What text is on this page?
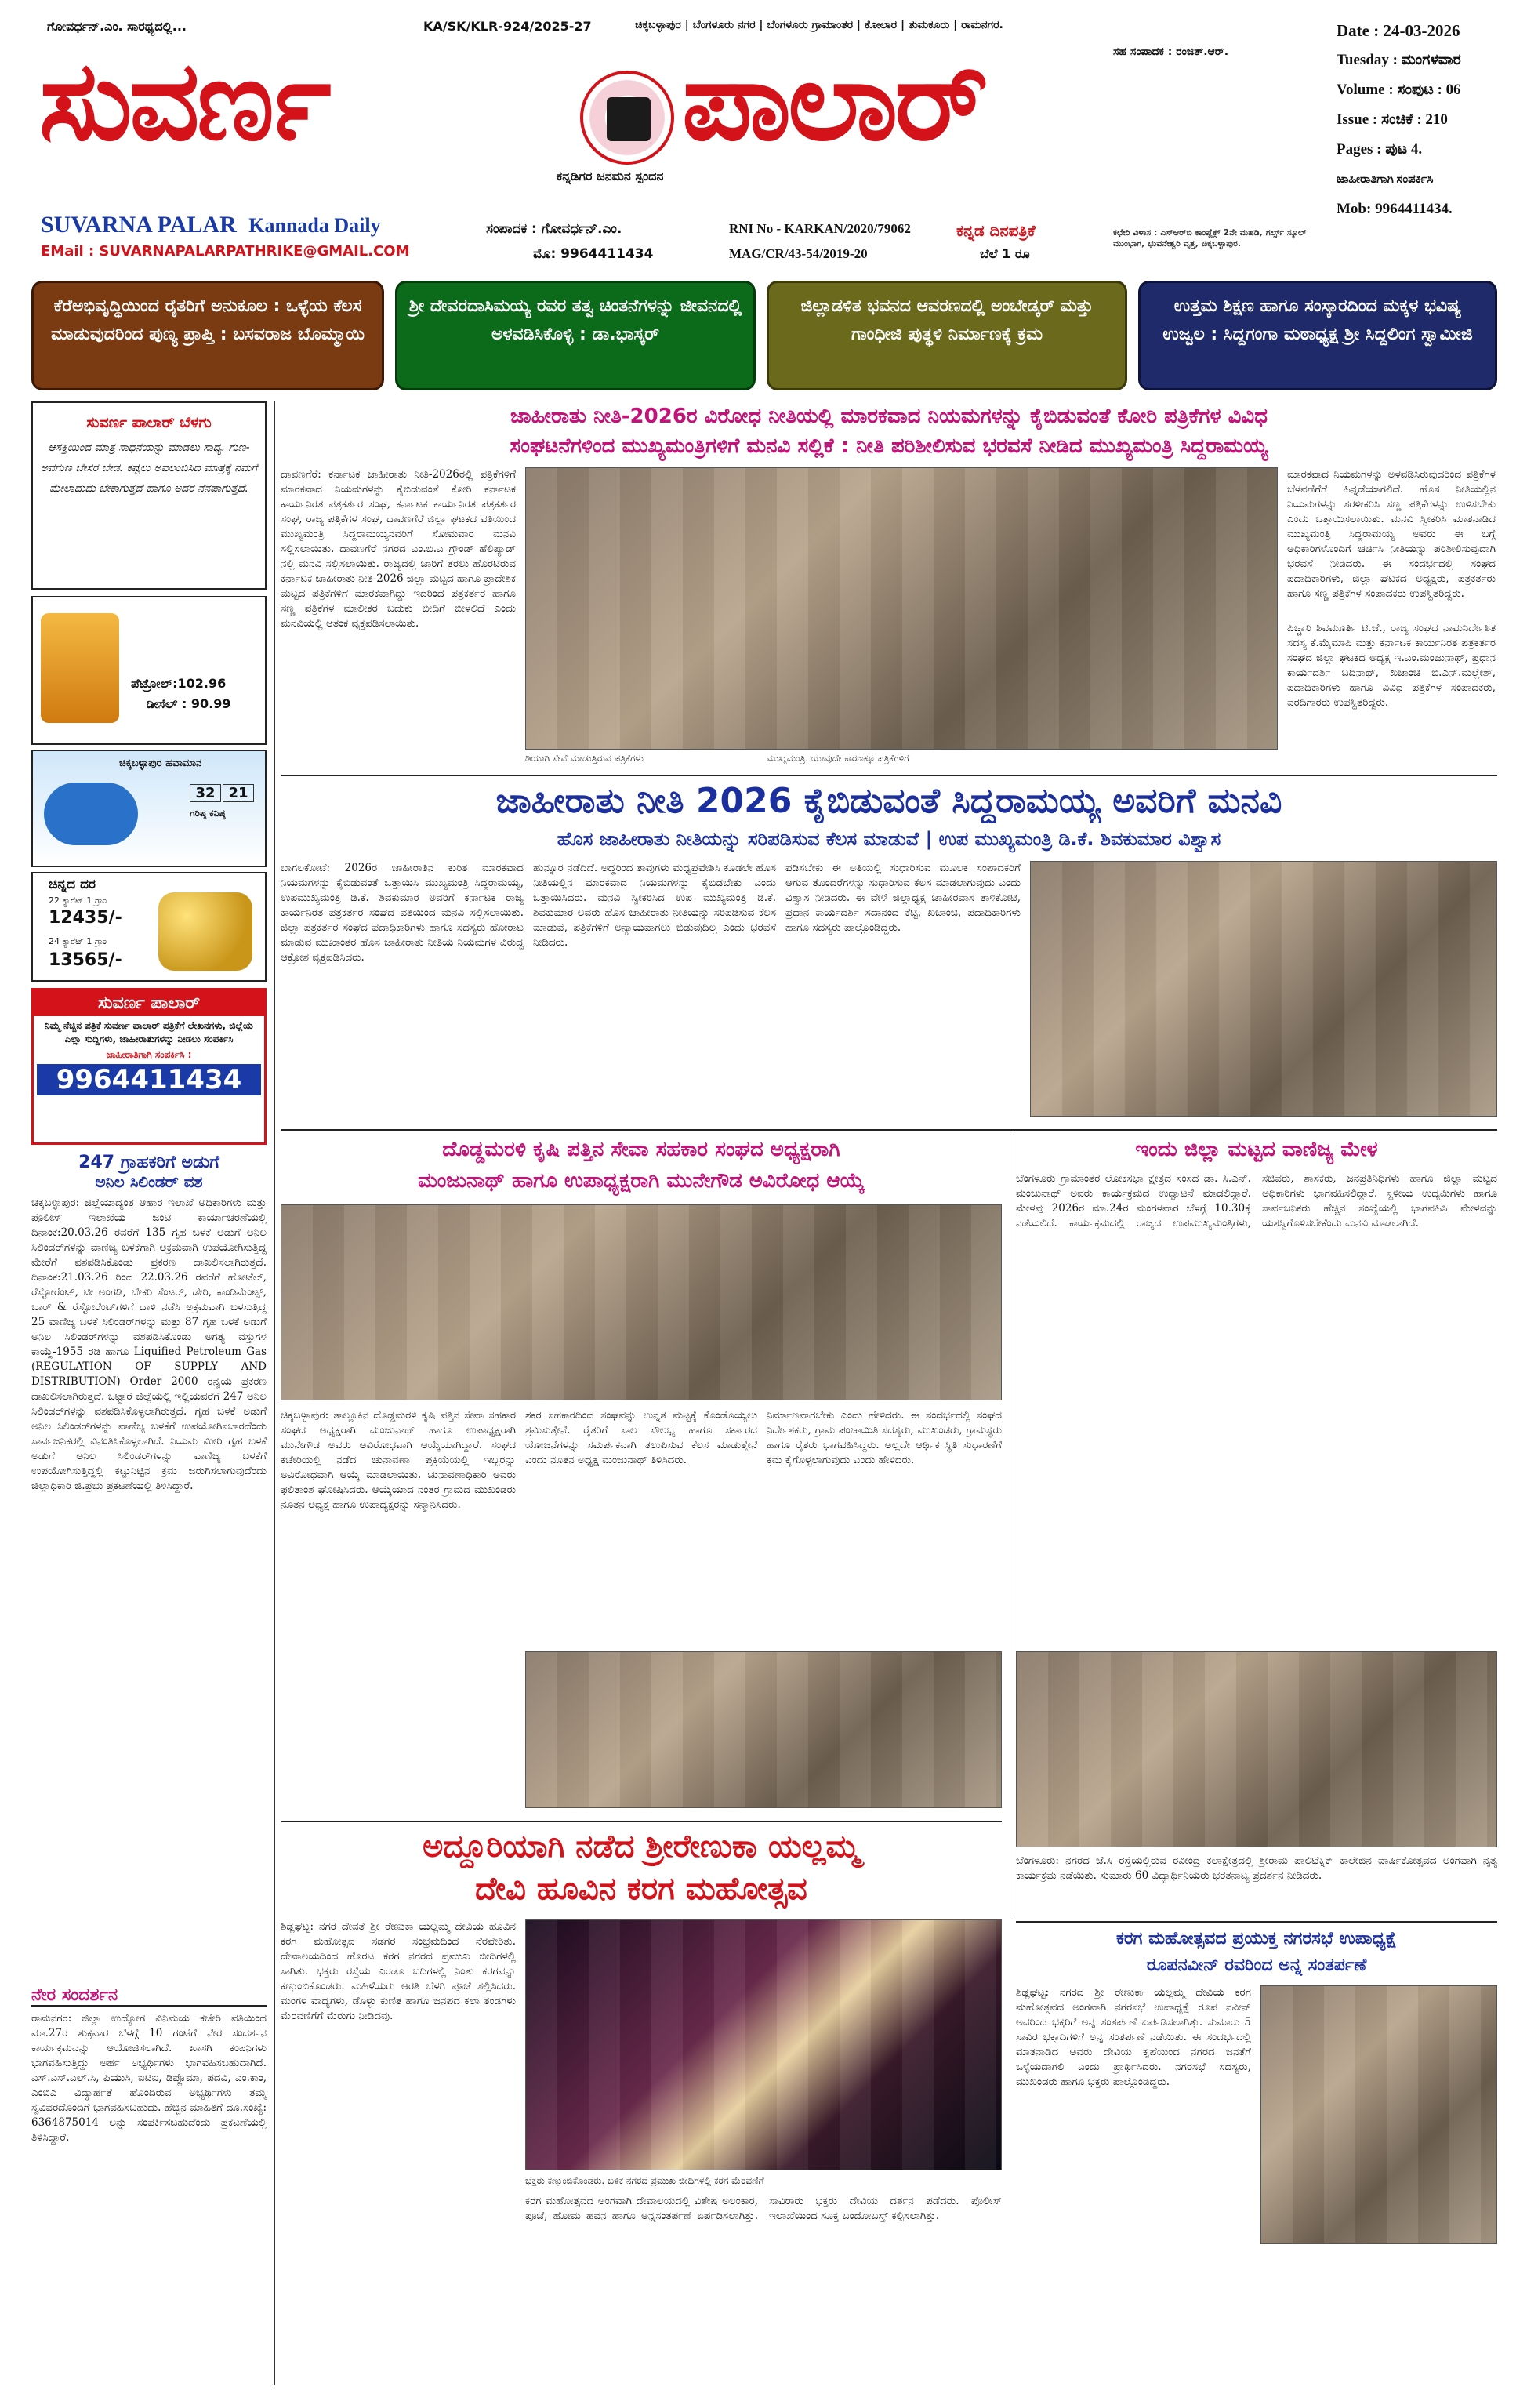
ಗೋವರ್ಧನ್.ಎಂ. ಸಾರಥ್ಯದಲ್ಲಿ...	KA/SK/KLR-924/2025-27	ಚಿಕ್ಕಬಳ್ಳಾಪುರ | ಬೆಂಗಳೂರು ನಗರ | ಬೆಂಗಳೂರು ಗ್ರಾಮಾಂತರ | ಕೋಲಾರ | ತುಮಕೂರು | ರಾಮನಗರ.
ಸಹ ಸಂಪಾದಕ : ರಂಜಿತ್.ಆರ್.
ಸುವರ್ಣ	ಪಾಲಾರ್
ಕನ್ನಡಿಗರ ಜನಮನ ಸ್ಪಂದನ
SUVARNA PALAR Kannada Daily
EMail : SUVARNAPALARPATHRIKE@GMAIL.COM
ಸಂಪಾದಕ : ಗೋವರ್ಧನ್.ಎಂ.
ಮೊ: 9964411434
RNI No - KARKAN/2020/79062
MAG/CR/43-54/2019-20
ಕನ್ನಡ ದಿನಪತ್ರಿಕೆ
ಬೆಲೆ 1 ರೂ
ಕಛೇರಿ ವಿಳಾಸ : ಎಸ್‌ಆರ್‌ಬಿ ಕಾಂಪ್ಲೆಕ್ಸ್ 2ನೇ ಮಹಡಿ, ಗರ್ಲ್ಸ್ ಸ್ಕೂಲ್ ಮುಂಭಾಗ, ಭುವನೇಶ್ವರಿ ವೃತ್ತ, ಚಿಕ್ಕಬಳ್ಳಾಪುರ.
Date : 24-03-2026
Tuesday : ಮಂಗಳವಾರ
Volume : ಸಂಪುಟ : 06
Issue : ಸಂಚಿಕೆ : 210
Pages : ಪುಟ 4.
ಜಾಹೀರಾತಿಗಾಗಿ ಸಂಪರ್ಕಿಸಿ
Mob: 9964411434.
ಕೆರೆಅಭಿವೃದ್ಧಿಯಿಂದ ರೈತರಿಗೆ ಅನುಕೂಲ : ಒಳ್ಳೆಯ ಕೆಲಸ ಮಾಡುವುದರಿಂದ ಪುಣ್ಯ ಪ್ರಾಪ್ತಿ : ಬಸವರಾಜ ಬೊಮ್ಮಾಯಿ
ಶ್ರೀ ದೇವರದಾಸಿಮಯ್ಯ ರವರ ತತ್ವ ಚಿಂತನೆಗಳನ್ನು ಜೀವನದಲ್ಲಿ ಅಳವಡಿಸಿಕೊಳ್ಳಿ : ಡಾ.ಭಾಸ್ಕರ್
ಜಿಲ್ಲಾಡಳಿತ ಭವನದ ಆವರಣದಲ್ಲಿ ಅಂಬೇಡ್ಕರ್ ಮತ್ತು ಗಾಂಧೀಜಿ ಪುತ್ಥಳಿ ನಿರ್ಮಾಣಕ್ಕೆ ಕ್ರಮ
ಉತ್ತಮ ಶಿಕ್ಷಣ ಹಾಗೂ ಸಂಸ್ಕಾರದಿಂದ ಮಕ್ಕಳ ಭವಿಷ್ಯ ಉಜ್ವಲ : ಸಿದ್ದಗಂಗಾ ಮಠಾಧ್ಯಕ್ಷ ಶ್ರೀ ಸಿದ್ದಲಿಂಗ ಸ್ವಾಮೀಜಿ
ಸುವರ್ಣ ಪಾಲಾರ್ ಬೆಳಗು
ಆಸಕ್ತಿಯಿಂದ ಮಾತ್ರ ಸಾಧನೆಯನ್ನು ಮಾಡಲು ಸಾಧ್ಯ. ಗುಣ-ಅವಗುಣ ಬೇಸರ ಬೇಡ. ಕಷ್ಟಲು ಅವಲಂಬಿಸಿದ ಮಾತ್ರಕ್ಕೆ ನಮಗೆ ಮೇಲಾದುದು ಬೇಕಾಗುತ್ತದೆ ಹಾಗೂ ಅದರ ನೆನಪಾಗುತ್ತದೆ.
ಪೆಟ್ರೋಲ್:102.96
ಡೀಸೆಲ್ : 90.99
ಚಿಕ್ಕಬಳ್ಳಾಪುರ ಹವಾಮಾನ
32 21
ಗರಿಷ್ಠ ಕನಿಷ್ಠ
ಚಿನ್ನದ ದರ
22 ಕ್ಯಾರೆಟ್ 1 ಗ್ರಾಂ
12435/-
24 ಕ್ಯಾರೆಟ್ 1 ಗ್ರಾಂ
13565/-
ಸುವರ್ಣ ಪಾಲಾರ್
ನಿಮ್ಮ ನೆಚ್ಚಿನ ಪತ್ರಿಕೆ ಸುವರ್ಣ ಪಾಲಾರ್ ಪತ್ರಿಕೆಗೆ ಲೇಖನಗಳು, ಜಿಲ್ಲೆಯ ಎಲ್ಲಾ ಸುದ್ದಿಗಳು, ಜಾಹೀರಾತುಗಳನ್ನು ನೀಡಲು ಸಂಪರ್ಕಿಸಿ
ಜಾಹೀರಾತಿಗಾಗಿ ಸಂಪರ್ಕಿಸಿ :
9964411434
247 ಗ್ರಾಹಕರಿಗೆ ಅಡುಗೆ
ಅನಿಲ ಸಿಲಿಂಡರ್ ವಶ
ಚಿಕ್ಕಬಳ್ಳಾಪುರ: ಜಿಲ್ಲೆಯಾದ್ಯಂತ ಆಹಾರ ಇಲಾಖೆ ಅಧಿಕಾರಿಗಳು ಮತ್ತು ಪೊಲೀಸ್ ಇಲಾಖೆಯ ಜಂಟಿ ಕಾರ್ಯಾಚರಣೆಯಲ್ಲಿ ದಿನಾಂಕ:20.03.26 ರವರೆಗೆ 135 ಗೃಹ ಬಳಕೆ ಅಡುಗೆ ಅನಿಲ ಸಿಲಿಂಡರ್‌ಗಳನ್ನು ವಾಣಿಜ್ಯ ಬಳಕೆಗಾಗಿ ಅಕ್ರಮವಾಗಿ ಉಪಯೋಗಿಸುತ್ತಿದ್ದ ಮೇರೆಗೆ ವಶಪಡಿಸಿಕೊಂಡು ಪ್ರಕರಣ ದಾಖಲಿಸಲಾಗಿರುತ್ತದೆ. ದಿನಾಂಕ:21.03.26 ರಿಂದ 22.03.26 ರವರೆಗೆ ಹೋಟೆಲ್, ರೆಸ್ಟೋರೆಂಟ್, ಟೀ ಅಂಗಡಿ, ಬೇಕರಿ ಸೆಂಟರ್, ಡೇರಿ, ಕಾಂಡಿಮೆಂಟ್ಸ್, ಬಾರ್ & ರೆಸ್ಟೋರೆಂಟ್‌ಗಳಿಗೆ ದಾಳಿ ನಡೆಸಿ ಅಕ್ರಮವಾಗಿ ಬಳಸುತ್ತಿದ್ದ 25 ವಾಣಿಜ್ಯ ಬಳಕೆ ಸಿಲಿಂಡರ್‌ಗಳನ್ನು ಮತ್ತು 87 ಗೃಹ ಬಳಕೆ ಅಡುಗೆ ಅನಿಲ ಸಿಲಿಂಡರ್‌ಗಳನ್ನು ವಶಪಡಿಸಿಕೊಂಡು ಅಗತ್ಯ ವಸ್ತುಗಳ ಕಾಯ್ದೆ-1955 ರಡಿ ಹಾಗೂ Liquified Petroleum Gas (REGULATION OF SUPPLY AND DISTRIBUTION) Order 2000 ರನ್ವಯ ಪ್ರಕರಣ ದಾಖಲಿಸಲಾಗಿರುತ್ತದೆ. ಒಟ್ಟಾರೆ ಜಿಲ್ಲೆಯಲ್ಲಿ ಇಲ್ಲಿಯವರೆಗೆ 247 ಅನಿಲ ಸಿಲಿಂಡರ್‌ಗಳನ್ನು ವಶಪಡಿಸಿಕೊಳ್ಳಲಾಗಿರುತ್ತದೆ. ಗೃಹ ಬಳಕೆ ಅಡುಗೆ ಅನಿಲ ಸಿಲಿಂಡರ್‌ಗಳನ್ನು ವಾಣಿಜ್ಯ ಬಳಕೆಗೆ ಉಪಯೋಗಿಸಬಾರದೆಂದು ಸಾರ್ವಜನಿಕರಲ್ಲಿ ವಿನಂತಿಸಿಕೊಳ್ಳಲಾಗಿದೆ. ನಿಯಮ ಮೀರಿ ಗೃಹ ಬಳಕೆ ಅಡುಗೆ ಅನಿಲ ಸಿಲಿಂಡರ್‌ಗಳನ್ನು ವಾಣಿಜ್ಯ ಬಳಕೆಗೆ ಉಪಯೋಗಿಸುತ್ತಿದ್ದಲ್ಲಿ ಕಟ್ಟುನಿಟ್ಟಿನ ಕ್ರಮ ಜರುಗಿಸಲಾಗುವುದೆಂದು ಜಿಲ್ಲಾಧಿಕಾರಿ ಜಿ.ಪ್ರಭು ಪ್ರಕಟಣೆಯಲ್ಲಿ ತಿಳಿಸಿದ್ದಾರೆ.
ನೇರ ಸಂದರ್ಶನ
ರಾಮನಗರ: ಜಿಲ್ಲಾ ಉದ್ಯೋಗ ವಿನಿಮಯ ಕಚೇರಿ ವತಿಯಿಂದ ಮಾ.27ರ ಶುಕ್ರವಾರ ಬೆಳಗ್ಗೆ 10 ಗಂಟೆಗೆ ನೇರ ಸಂದರ್ಶನ ಕಾರ್ಯಕ್ರಮವನ್ನು ಆಯೋಜಿಸಲಾಗಿದೆ. ಖಾಸಗಿ ಕಂಪನಿಗಳು ಭಾಗವಹಿಸುತ್ತಿದ್ದು ಅರ್ಹ ಅಭ್ಯರ್ಥಿಗಳು ಭಾಗವಹಿಸಬಹುದಾಗಿದೆ. ಎಸ್.ಎಸ್.ಎಲ್.ಸಿ, ಪಿಯುಸಿ, ಐಟಿಐ, ಡಿಪ್ಲೊಮಾ, ಪದವಿ, ಎಂ.ಕಾಂ, ಎಂಬಿಎ ವಿದ್ಯಾರ್ಹತೆ ಹೊಂದಿರುವ ಅಭ್ಯರ್ಥಿಗಳು ತಮ್ಮ ಸ್ವವಿವರದೊಂದಿಗೆ ಭಾಗವಹಿಸಬಹುದು. ಹೆಚ್ಚಿನ ಮಾಹಿತಿಗೆ ದೂ.ಸಂಖ್ಯೆ: 6364875014 ಅನ್ನು ಸಂಪರ್ಕಿಸಬಹುದೆಂದು ಪ್ರಕಟಣೆಯಲ್ಲಿ ತಿಳಿಸಿದ್ದಾರೆ.
ಜಾಹೀರಾತು ನೀತಿ-2026ರ ವಿರೋಧ ನೀತಿಯಲ್ಲಿ ಮಾರಕವಾದ ನಿಯಮಗಳನ್ನು ಕೈಬಿಡುವಂತೆ ಕೋರಿ ಪತ್ರಿಕೆಗಳ ವಿವಿಧ
ಸಂಘಟನೆಗಳಿಂದ ಮುಖ್ಯಮಂತ್ರಿಗಳಿಗೆ ಮನವಿ ಸಲ್ಲಿಕೆ : ನೀತಿ ಪರಿಶೀಲಿಸುವ ಭರವಸೆ ನೀಡಿದ ಮುಖ್ಯಮಂತ್ರಿ ಸಿದ್ದರಾಮಯ್ಯ
ದಾವಣಗೆರೆ: ಕರ್ನಾಟಕ ಜಾಹೀರಾತು ನೀತಿ-2026ರಲ್ಲಿ ಪತ್ರಿಕೆಗಳಿಗೆ ಮಾರಕವಾದ ನಿಯಮಗಳನ್ನು ಕೈಬಿಡುವಂತೆ ಕೋರಿ ಕರ್ನಾಟಕ ಕಾರ್ಯನಿರತ ಪತ್ರಕರ್ತರ ಸಂಘ, ಕರ್ನಾಟಕ ಕಾರ್ಯನಿರತ ಪತ್ರಕರ್ತರ ಸಂಘ, ರಾಜ್ಯ ಪತ್ರಿಕೆಗಳ ಸಂಘ, ದಾವಣಗೆರೆ ಜಿಲ್ಲಾ ಘಟಕದ ವತಿಯಿಂದ ಮುಖ್ಯಮಂತ್ರಿ ಸಿದ್ದರಾಮಯ್ಯನವರಿಗೆ ಸೋಮವಾರ ಮನವಿ ಸಲ್ಲಿಸಲಾಯಿತು. ದಾವಣಗೆರೆ ನಗರದ ಎಂ.ಬಿ.ಎ ಗ್ರೌಂಡ್ ಹೆಲಿಪ್ಯಾಡ್ ನಲ್ಲಿ ಮನವಿ ಸಲ್ಲಿಸಲಾಯಿತು. ರಾಜ್ಯದಲ್ಲಿ ಜಾರಿಗೆ ತರಲು ಹೊರಟಿರುವ ಕರ್ನಾಟಕ ಜಾಹೀರಾತು ನೀತಿ-2026 ಜಿಲ್ಲಾ ಮಟ್ಟದ ಹಾಗೂ ಪ್ರಾದೇಶಿಕ ಮಟ್ಟದ ಪತ್ರಿಕೆಗಳಿಗೆ ಮಾರಕವಾಗಿದ್ದು ಇದರಿಂದ ಪತ್ರಕರ್ತರ ಹಾಗೂ ಸಣ್ಣ ಪತ್ರಿಕೆಗಳ ಮಾಲೀಕರ ಬದುಕು ಬೀದಿಗೆ ಬೀಳಲಿದೆ ಎಂದು ಮನವಿಯಲ್ಲಿ ಆತಂಕ ವ್ಯಕ್ತಪಡಿಸಲಾಯಿತು.
ಡಿಯಾಗಿ ಸೇವೆ ಮಾಡುತ್ತಿರುವ ಪತ್ರಿಕೆಗಳು	ಮುಖ್ಯಮಂತ್ರಿ. ಯಾವುದೇ ಕಾರಣಕ್ಕೂ ಪತ್ರಿಕೆಗಳಿಗೆ
ಮಾರಕವಾದ ನಿಯಮಗಳನ್ನು ಅಳವಡಿಸಿರುವುದರಿಂದ ಪತ್ರಿಕೆಗಳ ಬೆಳವಣಿಗೆಗೆ ಹಿನ್ನಡೆಯಾಗಲಿದೆ. ಹೊಸ ನೀತಿಯಲ್ಲಿನ ನಿಯಮಗಳನ್ನು ಸರಳೀಕರಿಸಿ ಸಣ್ಣ ಪತ್ರಿಕೆಗಳನ್ನು ಉಳಿಸಬೇಕು ಎಂದು ಒತ್ತಾಯಿಸಲಾಯಿತು. ಮನವಿ ಸ್ವೀಕರಿಸಿ ಮಾತನಾಡಿದ ಮುಖ್ಯಮಂತ್ರಿ ಸಿದ್ದರಾಮಯ್ಯ ಅವರು ಈ ಬಗ್ಗೆ ಅಧಿಕಾರಿಗಳೊಂದಿಗೆ ಚರ್ಚಿಸಿ ನೀತಿಯನ್ನು ಪರಿಶೀಲಿಸುವುದಾಗಿ ಭರವಸೆ ನೀಡಿದರು. ಈ ಸಂದರ್ಭದಲ್ಲಿ ಸಂಘದ ಪದಾಧಿಕಾರಿಗಳು, ಜಿಲ್ಲಾ ಘಟಕದ ಅಧ್ಯಕ್ಷರು, ಪತ್ರಕರ್ತರು ಹಾಗೂ ಸಣ್ಣ ಪತ್ರಿಕೆಗಳ ಸಂಪಾದಕರು ಉಪಸ್ಥಿತರಿದ್ದರು.
ಪಿಚ್ಚಾರಿ ಶಿವಮೂರ್ತಿ ಟಿ.ಜೆ., ರಾಜ್ಯ ಸಂಘದ ನಾಮನಿರ್ದೇಶಿತ ಸದಸ್ಯ ಕೆ.ಮೈಮಾಪಿ ಮತ್ತು ಕರ್ನಾಟಕ ಕಾರ್ಯನಿರತ ಪತ್ರಕರ್ತರ ಸಂಘದ ಜಿಲ್ಲಾ ಘಟಕದ ಅಧ್ಯಕ್ಷ ಇ.ಎಂ.ಮಂಜುನಾಥ್, ಪ್ರಧಾನ ಕಾರ್ಯದರ್ಶಿ ಬದಿನಾಥ್, ಖಜಾಂಚಿ ಬಿ.ಎನ್.ಮಲ್ಲೇಶ್, ಪದಾಧಿಕಾರಿಗಳು ಹಾಗೂ ವಿವಿಧ ಪತ್ರಿಕೆಗಳ ಸಂಪಾದಕರು, ವರದಿಗಾರರು ಉಪಸ್ಥಿತರಿದ್ದರು.
ಜಾಹೀರಾತು ನೀತಿ 2026 ಕೈಬಿಡುವಂತೆ ಸಿದ್ದರಾಮಯ್ಯ ಅವರಿಗೆ ಮನವಿ
ಹೊಸ ಜಾಹೀರಾತು ನೀತಿಯನ್ನು ಸರಿಪಡಿಸುವ ಕೆಲಸ ಮಾಡುವೆ | ಉಪ ಮುಖ್ಯಮಂತ್ರಿ ಡಿ.ಕೆ. ಶಿವಕುಮಾರ ವಿಶ್ವಾಸ
ಬಾಗಲಕೋಟೆ: 2026ರ ಜಾಹೀರಾತಿನ ಕುರಿತ ಮಾರಕವಾದ ನಿಯಮಗಳನ್ನು ಕೈಬಿಡುವಂತೆ ಒತ್ತಾಯಿಸಿ ಮುಖ್ಯಮಂತ್ರಿ ಸಿದ್ದರಾಮಯ್ಯ, ಉಪಮುಖ್ಯಮಂತ್ರಿ ಡಿ.ಕೆ. ಶಿವಕುಮಾರ ಅವರಿಗೆ ಕರ್ನಾಟಕ ರಾಜ್ಯ ಕಾರ್ಯನಿರತ ಪತ್ರಕರ್ತರ ಸಂಘದ ವತಿಯಿಂದ ಮನವಿ ಸಲ್ಲಿಸಲಾಯಿತು. ಜಿಲ್ಲಾ ಪತ್ರಕರ್ತರ ಸಂಘದ ಪದಾಧಿಕಾರಿಗಳು ಹಾಗೂ ಸದಸ್ಯರು ಹೋರಾಟ ಮಾಡುವ ಮುಖಾಂತರ ಹೊಸ ಜಾಹೀರಾತು ನೀತಿಯ ನಿಯಮಗಳ ವಿರುದ್ಧ ಆಕ್ರೋಶ ವ್ಯಕ್ತಪಡಿಸಿದರು.
ಹುನ್ನೂರ ನಡೆದಿದೆ. ಅದ್ದರಿಂದ ತಾವುಗಳು ಮಧ್ಯಪ್ರವೇಶಿಸಿ ಕೂಡಲೇ ಹೊಸ ನೀತಿಯಲ್ಲಿನ ಮಾರಕವಾದ ನಿಯಮಗಳನ್ನು ಕೈಬಿಡಬೇಕು ಎಂದು ಒತ್ತಾಯಿಸಿದರು. ಮನವಿ ಸ್ವೀಕರಿಸಿದ ಉಪ ಮುಖ್ಯಮಂತ್ರಿ ಡಿ.ಕೆ. ಶಿವಕುಮಾರ ಅವರು ಹೊಸ ಜಾಹೀರಾತು ನೀತಿಯನ್ನು ಸರಿಪಡಿಸುವ ಕೆಲಸ ಮಾಡುವೆ, ಪತ್ರಿಕೆಗಳಿಗೆ ಅನ್ಯಾಯವಾಗಲು ಬಿಡುವುದಿಲ್ಲ ಎಂದು ಭರವಸೆ ನೀಡಿದರು.
ಪಡಿಸಬೇಕು ಈ ಅತಿಯಲ್ಲಿ ಸುಧಾರಿಸುವ ಮೂಲಕ ಸಂಪಾದಕರಿಗೆ ಆಗುವ ತೊಂದರೆಗಳನ್ನು ಸುಧಾರಿಸುವ ಕೆಲಸ ಮಾಡಲಾಗುವುದು ಎಂದು ವಿಶ್ವಾಸ ನೀಡಿದರು. ಈ ವೇಳೆ ಜಿಲ್ಲಾಧ್ಯಕ್ಷ ಜಾಹೀರವಾಸ ತಾಳಿಕೋಟಿ, ಪ್ರಧಾನ ಕಾರ್ಯದರ್ಶಿ ಸದಾನಂದ ಕೆಟ್ಟಿ, ಖಜಾಂಚಿ, ಪದಾಧಿಕಾರಿಗಳು ಹಾಗೂ ಸದಸ್ಯರು ಪಾಲ್ಗೊಂಡಿದ್ದರು.
ದೊಡ್ಡಮರಳಿ ಕೃಷಿ ಪತ್ತಿನ ಸೇವಾ ಸಹಕಾರ ಸಂಘದ ಅಧ್ಯಕ್ಷರಾಗಿ
ಮಂಜುನಾಥ್ ಹಾಗೂ ಉಪಾಧ್ಯಕ್ಷರಾಗಿ ಮುನೇಗೌಡ ಅವಿರೋಧ ಆಯ್ಕೆ
ಚಿಕ್ಕಬಳ್ಳಾಪುರ: ತಾಲ್ಲೂಕಿನ ದೊಡ್ಡಮರಳಿ ಕೃಷಿ ಪತ್ತಿನ ಸೇವಾ ಸಹಕಾರ ಸಂಘದ ಅಧ್ಯಕ್ಷರಾಗಿ ಮಂಜುನಾಥ್ ಹಾಗೂ ಉಪಾಧ್ಯಕ್ಷರಾಗಿ ಮುನೇಗೌಡ ಅವರು ಅವಿರೋಧವಾಗಿ ಆಯ್ಕೆಯಾಗಿದ್ದಾರೆ. ಸಂಘದ ಕಚೇರಿಯಲ್ಲಿ ನಡೆದ ಚುನಾವಣಾ ಪ್ರಕ್ರಿಯೆಯಲ್ಲಿ ಇಬ್ಬರನ್ನು ಅವಿರೋಧವಾಗಿ ಆಯ್ಕೆ ಮಾಡಲಾಯಿತು. ಚುನಾವಣಾಧಿಕಾರಿ ಅವರು ಫಲಿತಾಂಶ ಘೋಷಿಸಿದರು. ಆಯ್ಕೆಯಾದ ನಂತರ ಗ್ರಾಮದ ಮುಖಂಡರು ನೂತನ ಅಧ್ಯಕ್ಷ ಹಾಗೂ ಉಪಾಧ್ಯಕ್ಷರನ್ನು ಸನ್ಮಾನಿಸಿದರು.
ಶಕರ ಸಹಕಾರದಿಂದ ಸಂಘವನ್ನು ಉನ್ನತ ಮಟ್ಟಕ್ಕೆ ಕೊಂಡೊಯ್ಯಲು ಶ್ರಮಿಸುತ್ತೇನೆ. ರೈತರಿಗೆ ಸಾಲ ಸೌಲಭ್ಯ ಹಾಗೂ ಸರ್ಕಾರದ ಯೋಜನೆಗಳನ್ನು ಸಮರ್ಪಕವಾಗಿ ತಲುಪಿಸುವ ಕೆಲಸ ಮಾಡುತ್ತೇನೆ ಎಂದು ನೂತನ ಅಧ್ಯಕ್ಷ ಮಂಜುನಾಥ್ ತಿಳಿಸಿದರು.
ನಿರ್ಮಾಣವಾಗಬೇಕು ಎಂದು ಹೇಳಿದರು. ಈ ಸಂದರ್ಭದಲ್ಲಿ ಸಂಘದ ನಿರ್ದೇಶಕರು, ಗ್ರಾಮ ಪಂಚಾಯಿತಿ ಸದಸ್ಯರು, ಮುಖಂಡರು, ಗ್ರಾಮಸ್ಥರು ಹಾಗೂ ರೈತರು ಭಾಗವಹಿಸಿದ್ದರು. ಅಲ್ಲದೇ ಆರ್ಥಿಕ ಸ್ಥಿತಿ ಸುಧಾರಣೆಗೆ ಕ್ರಮ ಕೈಗೊಳ್ಳಲಾಗುವುದು ಎಂದು ಹೇಳಿದರು.
ಇಂದು ಜಿಲ್ಲಾ ಮಟ್ಟದ ವಾಣಿಜ್ಯ ಮೇಳ
ಬೆಂಗಳೂರು ಗ್ರಾಮಾಂತರ ಲೋಕಸಭಾ ಕ್ಷೇತ್ರದ ಸಂಸದ ಡಾ. ಸಿ.ಎನ್. ಮಂಜುನಾಥ್ ಅವರು ಕಾರ್ಯಕ್ರಮದ ಉದ್ಘಾಟನೆ ಮಾಡಲಿದ್ದಾರೆ. ಮೇಳವು 2026ರ ಮಾ.24ರ ಮಂಗಳವಾರ ಬೆಳಗ್ಗೆ 10.30ಕ್ಕೆ ನಡೆಯಲಿದೆ. ಕಾರ್ಯಕ್ರಮದಲ್ಲಿ ರಾಜ್ಯದ ಉಪಮುಖ್ಯಮಂತ್ರಿಗಳು, ಸಚಿವರು, ಶಾಸಕರು, ಜನಪ್ರತಿನಿಧಿಗಳು ಹಾಗೂ ಜಿಲ್ಲಾ ಮಟ್ಟದ ಅಧಿಕಾರಿಗಳು ಭಾಗವಹಿಸಲಿದ್ದಾರೆ. ಸ್ಥಳೀಯ ಉದ್ಯಮಿಗಳು ಹಾಗೂ ಸಾರ್ವಜನಿಕರು ಹೆಚ್ಚಿನ ಸಂಖ್ಯೆಯಲ್ಲಿ ಭಾಗವಹಿಸಿ ಮೇಳವನ್ನು ಯಶಸ್ವಿಗೊಳಿಸಬೇಕೆಂದು ಮನವಿ ಮಾಡಲಾಗಿದೆ.
ಬೆಂಗಳೂರು: ನಗರದ ಜೆ.ಸಿ ರಸ್ತೆಯಲ್ಲಿರುವ ರವೀಂದ್ರ ಕಲಾಕ್ಷೇತ್ರದಲ್ಲಿ ಶ್ರೀರಾಮ ಪಾಲಿಟೆಕ್ನಿಕ್ ಕಾಲೇಜಿನ ವಾರ್ಷಿಕೋತ್ಸವದ ಅಂಗವಾಗಿ ನೃತ್ಯ ಕಾರ್ಯಕ್ರಮ ನಡೆಯಿತು. ಸುಮಾರು 60 ವಿದ್ಯಾರ್ಥಿನಿಯರು ಭರತನಾಟ್ಯ ಪ್ರದರ್ಶನ ನೀಡಿದರು.
ಅದ್ದೂರಿಯಾಗಿ ನಡೆದ ಶ್ರೀರೇಣುಕಾ ಯಲ್ಲಮ್ಮ
ದೇವಿ ಹೂವಿನ ಕರಗ ಮಹೋತ್ಸವ
ಶಿಡ್ಲಘಟ್ಟ: ನಗರ ದೇವತೆ ಶ್ರೀ ರೇಣುಕಾ ಯಲ್ಲಮ್ಮ ದೇವಿಯ ಹೂವಿನ ಕರಗ ಮಹೋತ್ಸವ ಸಡಗರ ಸಂಭ್ರಮದಿಂದ ನೆರವೇರಿತು. ದೇವಾಲಯದಿಂದ ಹೊರಟ ಕರಗ ನಗರದ ಪ್ರಮುಖ ಬೀದಿಗಳಲ್ಲಿ ಸಾಗಿತು. ಭಕ್ತರು ರಸ್ತೆಯ ಎರಡೂ ಬದಿಗಳಲ್ಲಿ ನಿಂತು ಕರಗವನ್ನು ಕಣ್ತುಂಬಿಕೊಂಡರು. ಮಹಿಳೆಯರು ಆರತಿ ಬೆಳಗಿ ಪೂಜೆ ಸಲ್ಲಿಸಿದರು. ಮಂಗಳ ವಾದ್ಯಗಳು, ಡೊಳ್ಳು ಕುಣಿತ ಹಾಗೂ ಜನಪದ ಕಲಾ ತಂಡಗಳು ಮೆರವಣಿಗೆಗೆ ಮೆರುಗು ನೀಡಿದವು.
ಭಕ್ತರು ಕಣ್ತುಂಬಿಕೊಂಡರು. ಬಳಿಕ ನಗರದ ಪ್ರಮುಖ ಬೀದಿಗಳಲ್ಲಿ ಕರಗ ಮೆರವಣಿಗೆ
ಕರಗ ಮಹೋತ್ಸವದ ಅಂಗವಾಗಿ ದೇವಾಲಯದಲ್ಲಿ ವಿಶೇಷ ಅಲಂಕಾರ, ಪೂಜೆ, ಹೋಮ ಹವನ ಹಾಗೂ ಅನ್ನಸಂತರ್ಪಣೆ ಏರ್ಪಡಿಸಲಾಗಿತ್ತು. ಸಾವಿರಾರು ಭಕ್ತರು ದೇವಿಯ ದರ್ಶನ ಪಡೆದರು. ಪೊಲೀಸ್ ಇಲಾಖೆಯಿಂದ ಸೂಕ್ತ ಬಂದೋಬಸ್ತ್ ಕಲ್ಪಿಸಲಾಗಿತ್ತು.
ಕರಗ ಮಹೋತ್ಸವದ ಪ್ರಯುಕ್ತ ನಗರಸಭೆ ಉಪಾಧ್ಯಕ್ಷೆ
ರೂಪನವೀನ್ ರವರಿಂದ ಅನ್ನ ಸಂತರ್ಪಣೆ
ಶಿಡ್ಲಘಟ್ಟ: ನಗರದ ಶ್ರೀ ರೇಣುಕಾ ಯಲ್ಲಮ್ಮ ದೇವಿಯ ಕರಗ ಮಹೋತ್ಸವದ ಅಂಗವಾಗಿ ನಗರಸಭೆ ಉಪಾಧ್ಯಕ್ಷೆ ರೂಪ ನವೀನ್ ಅವರಿಂದ ಭಕ್ತರಿಗೆ ಅನ್ನ ಸಂತರ್ಪಣೆ ಏರ್ಪಡಿಸಲಾಗಿತ್ತು. ಸುಮಾರು 5 ಸಾವಿರ ಭಕ್ತಾದಿಗಳಿಗೆ ಅನ್ನ ಸಂತರ್ಪಣೆ ನಡೆಯಿತು. ಈ ಸಂದರ್ಭದಲ್ಲಿ ಮಾತನಾಡಿದ ಅವರು ದೇವಿಯ ಕೃಪೆಯಿಂದ ನಗರದ ಜನತೆಗೆ ಒಳ್ಳೆಯದಾಗಲಿ ಎಂದು ಪ್ರಾರ್ಥಿಸಿದರು. ನಗರಸಭೆ ಸದಸ್ಯರು, ಮುಖಂಡರು ಹಾಗೂ ಭಕ್ತರು ಪಾಲ್ಗೊಂಡಿದ್ದರು.
